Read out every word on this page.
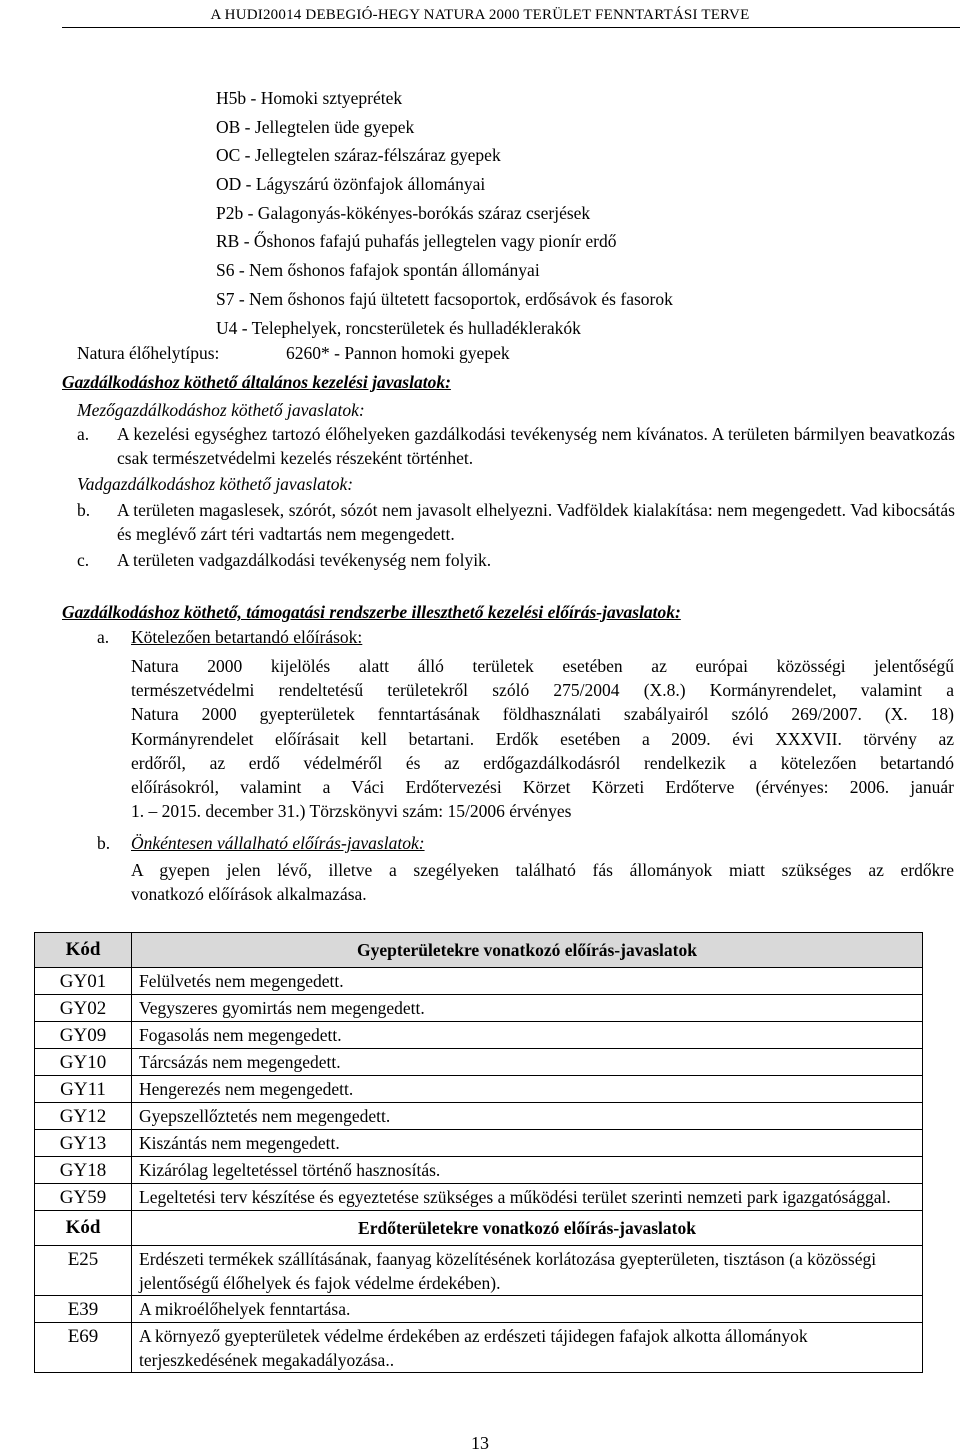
A HUDI20014 DEBEGIÓ-HEGY NATURA 2000 TERÜLET FENNTARTÁSI TERVE
H5b - Homoki sztyeprétek
OB - Jellegtelen üde gyepek
OC - Jellegtelen száraz-félszáraz gyepek
OD - Lágyszárú özönfajok állományai
P2b - Galagonyás-kökényes-borókás száraz cserjések
RB - Őshonos fafajú puhafás jellegtelen vagy pionír erdő
S6 - Nem őshonos fafajok spontán állományai
S7 - Nem őshonos fajú ültetett facsoportok, erdősávok és fasorok
U4 - Telephelyek, roncsterületek és hulladéklerakók
Natura élőhelytípus:	6260* - Pannon homoki gyepek
Gazdálkodáshoz köthető általános kezelési javaslatok:
Mezőgazdálkodáshoz köthető javaslatok:
a. A kezelési egységhez tartozó élőhelyeken gazdálkodási tevékenység nem kívánatos. A területen bármilyen beavatkozás csak természetvédelmi kezelés részeként történhet.
Vadgazdálkodáshoz köthető javaslatok:
b. A területen magaslesek, szórót, sózót nem javasolt elhelyezni. Vadföldek kialakítása: nem megengedett. Vad kibocsátás és meglévő zárt téri vadtartás nem megengedett.
c. A területen vadgazdálkodási tevékenység nem folyik.
Gazdálkodáshoz köthető, támogatási rendszerbe illeszthető kezelési előírás-javaslatok:
a. Kötelezően betartandó előírások:
Natura 2000 kijelölés alatt álló területek esetében az európai közösségi jelentőségű
természetvédelmi rendeltetésű területekről szóló 275/2004 (X.8.) Kormányrendelet, valamint a
Natura 2000 gyepterületek fenntartásának földhasználati szabályairól szóló 269/2007. (X. 18)
Kormányrendelet előírásait kell betartani. Erdők esetében a 2009. évi XXXVII. törvény az
erdőről, az erdő védelméről és az erdőgazdálkodásról rendelkezik a kötelezően betartandó
előírásokról, valamint a Váci Erdőtervezési Körzet Körzeti Erdőterve (érvényes: 2006. január
1. – 2015. december 31.) Törzskönyvi szám: 15/2006 érvényes
b. Önkéntesen vállalható előírás-javaslatok:
A gyepen jelen lévő, illetve a szegélyeken található fás állományok miatt szükséges az erdőkre
vonatkozó előírások alkalmazása.
Kód	Gyepterületekre vonatkozó előírás-javaslatok
GY01	Felülvetés nem megengedett.
GY02	Vegyszeres gyomirtás nem megengedett.
GY09	Fogasolás nem megengedett.
GY10	Tárcsázás nem megengedett.
GY11	Hengerezés nem megengedett.
GY12	Gyepszellőztetés nem megengedett.
GY13	Kiszántás nem megengedett.
GY18	Kizárólag legeltetéssel történő hasznosítás.
GY59	Legeltetési terv készítése és egyeztetése szükséges a működési terület szerinti nemzeti park igazgatósággal.
Kód	Erdőterületekre vonatkozó előírás-javaslatok
E25	Erdészeti termékek szállításának, faanyag közelítésének korlátozása gyepterületen, tisztáson (a közösségi jelentőségű élőhelyek és fajok védelme érdekében).
E39	A mikroélőhelyek fenntartása.
E69	A környező gyepterületek védelme érdekében az erdészeti tájidegen fafajok alkotta állományok terjeszkedésének megakadályozása..
13
